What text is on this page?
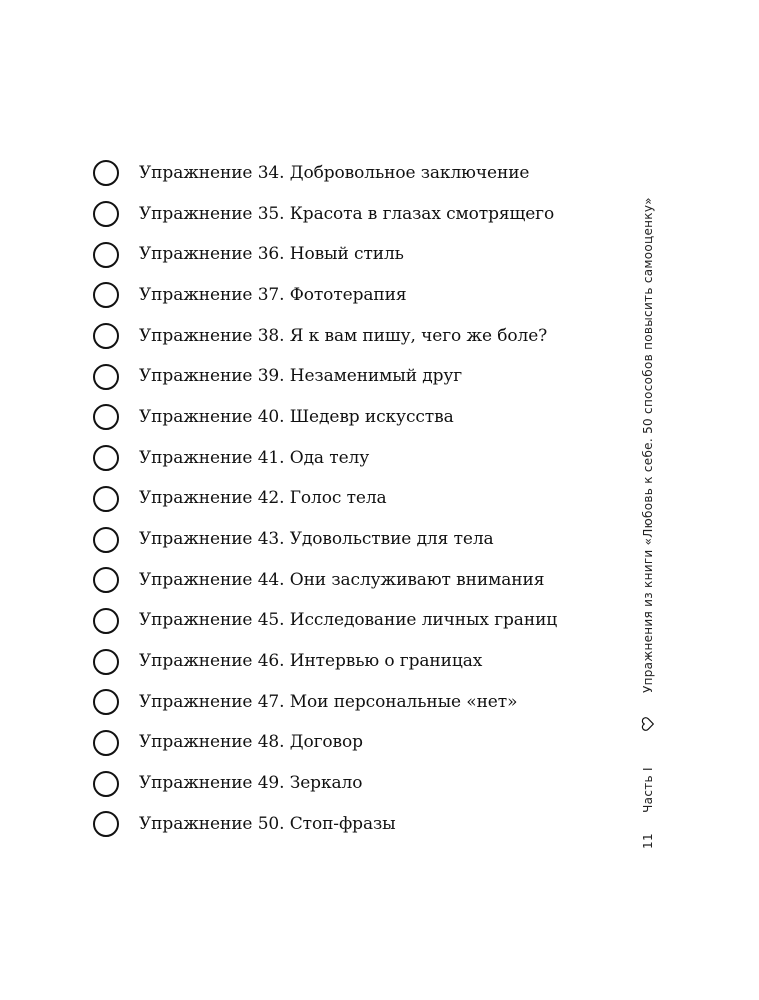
Упражнение 34. Добровольное заключение
Упражнение 35. Красота в глазах смотрящего
Упражнение 36. Новый стиль
Упражнение 37. Фототерапия
Упражнение 38. Я к вам пишу, чего же боле?
Упражнение 39. Незаменимый друг
Упражнение 40. Шедевр искусства
Упражнение 41. Ода телу
Упражнение 42. Голос тела
Упражнение 43. Удовольствие для тела
Упражнение 44. Они заслуживают внимания
Упражнение 45. Исследование личных границ
Упражнение 46. Интервью о границах
Упражнение 47. Мои персональные «нет»
Упражнение 48. Договор
Упражнение 49. Зеркало
Упражнение 50. Стоп-фразы
Упражнения из книги «Любовь к себе. 50 способов повысить самооценку»
Часть I
11
